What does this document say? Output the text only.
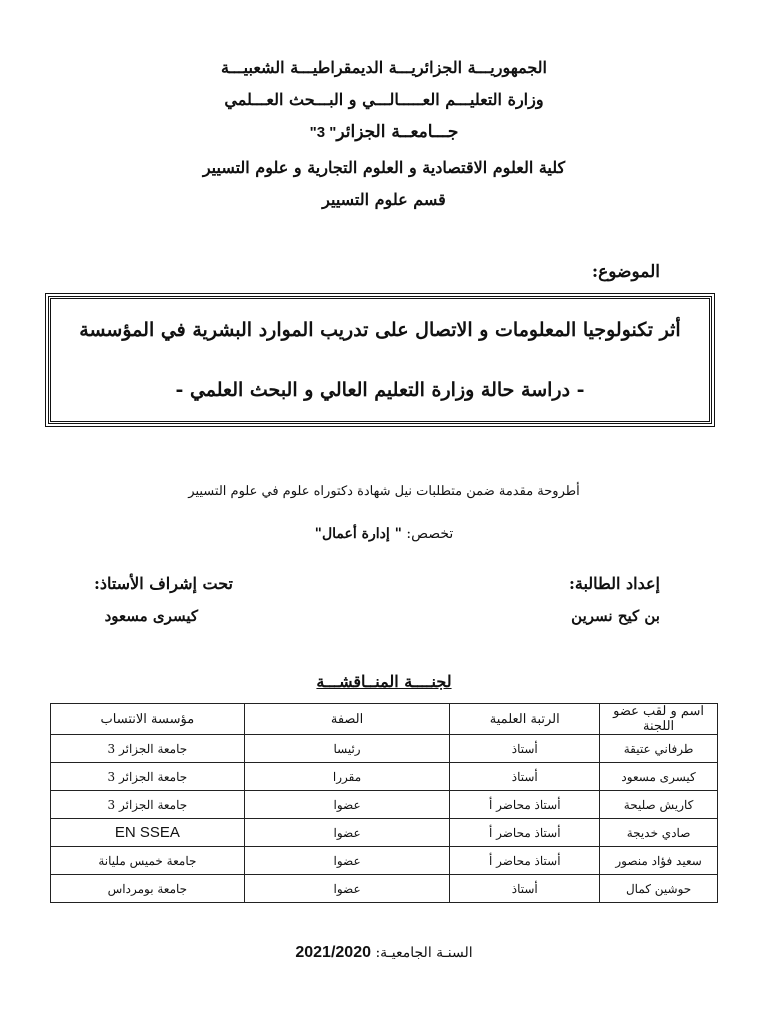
الجمهوريـــة الجزائريـــة الديمقراطيـــة الشعبيـــة
وزارة التعليـــم العـــــالـــي و البـــحث العـــلمي
جـــامعــة الجزائر" 3"
كلية العلوم الاقتصادية و العلوم التجارية و علوم التسيير
قسم علوم التسيير
الموضوع:
أثر تكنولوجيا المعلومات و الاتصال على تدريب الموارد البشرية في المؤسسة
- دراسة حالة وزارة التعليم العالي و البحث العلمي -
أطروحة مقدمة ضمن متطلبات نيل شهادة دكتوراه علوم في علوم التسيير
تخصص: " إدارة أعمال"
إعداد الطالبة:
بن كيح نسرين
تحت إشراف الأستاذ:
كيسرى مسعود
لجنــــة المنــاقشـــة
اسم و لقب عضو اللجنة	الرتبة العلمية	الصفة	مؤسسة الانتساب
طرفاني عتيقة	أستاذ	رئيسا	جامعة الجزائر 3
كيسرى مسعود	أستاذ	مقررا	جامعة الجزائر 3
كاريش صليحة	أستاذ محاضر أ	عضوا	جامعة الجزائر 3
صادي خديجة	أستاذ محاضر أ	عضوا	EN SSEA
سعيد فؤاد منصور	أستاذ محاضر أ	عضوا	جامعة خميس مليانة
حوشين كمال	أستاذ	عضوا	جامعة بومرداس
السنـة الجامعيـة: 2021/2020
